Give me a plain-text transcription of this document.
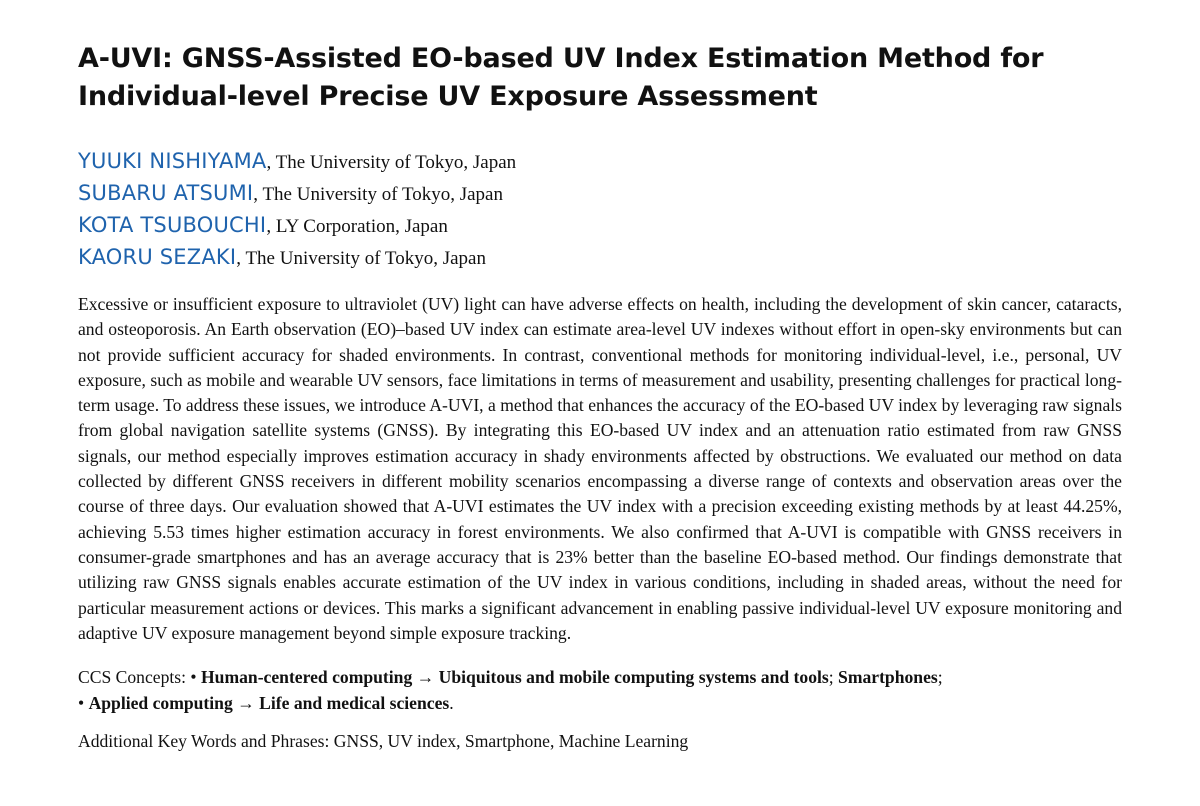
A-UVI: GNSS-Assisted EO-based UV Index Estimation Method for
Individual-level Precise UV Exposure Assessment
YUUKI NISHIYAMA, The University of Tokyo, Japan
SUBARU ATSUMI, The University of Tokyo, Japan
KOTA TSUBOUCHI, LY Corporation, Japan
KAORU SEZAKI, The University of Tokyo, Japan

Excessive or insufficient exposure to ultraviolet (UV) light can have adverse effects on health, including the development of skin cancer, cataracts, and osteoporosis. An Earth observation (EO)–based UV index can estimate area-level UV indexes without effort in open-sky environments but can not provide sufficient accuracy for shaded environments. In contrast, conventional methods for monitoring individual-level, i.e., personal, UV exposure, such as mobile and wearable UV sensors, face limitations in terms of measurement and usability, presenting challenges for practical long-term usage. To address these issues, we introduce A-UVI, a method that enhances the accuracy of the EO-based UV index by leveraging raw signals from global navigation satellite systems (GNSS). By integrating this EO-based UV index and an attenuation ratio estimated from raw GNSS signals, our method especially improves estimation accuracy in shady environments affected by obstructions. We evaluated our method on data collected by different GNSS receivers in different mobility scenarios encompassing a diverse range of contexts and observation areas over the course of three days. Our evaluation showed that A-UVI estimates the UV index with a precision exceeding existing methods by at least 44.25%, achieving 5.53 times higher estimation accuracy in forest environments. We also confirmed that A-UVI is compatible with GNSS receivers in consumer-grade smartphones and has an average accuracy that is 23% better than the baseline EO-based method. Our findings demonstrate that utilizing raw GNSS signals enables accurate estimation of the UV index in various conditions, including in shaded areas, without the need for particular measurement actions or devices. This marks a significant advancement in enabling passive individual-level UV exposure monitoring and adaptive UV exposure management beyond simple exposure tracking.

CCS Concepts: • Human-centered computing → Ubiquitous and mobile computing systems and tools; Smartphones;
• Applied computing → Life and medical sciences.
Additional Key Words and Phrases: GNSS, UV index, Smartphone, Machine Learning
